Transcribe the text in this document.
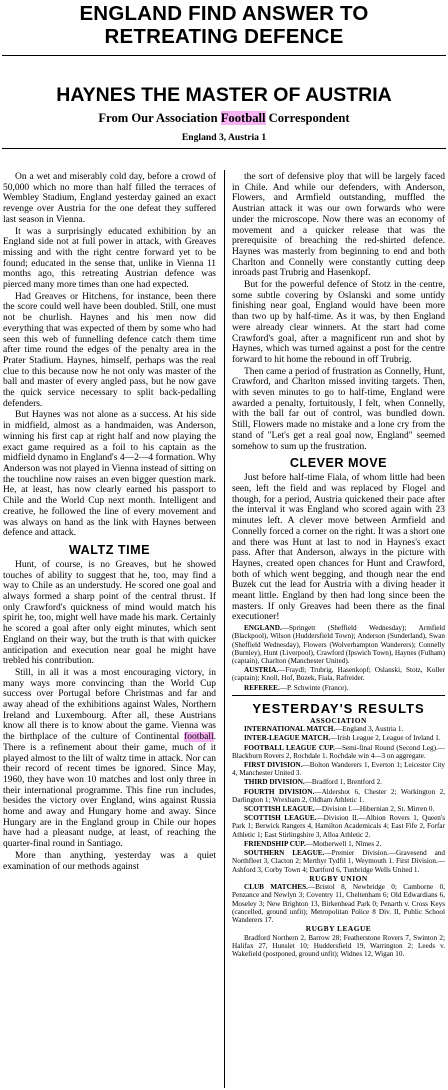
ENGLAND FIND ANSWER TO
RETREATING DEFENCE
HAYNES THE MASTER OF AUSTRIA
From Our Association Football Correspondent
England 3, Austria 1

On a wet and miserably cold day, before a crowd of 50,000 which no more than half filled the terraces of Wembley Stadium, England yesterday gained an exact revenge over Austria for the one defeat they suffered last season in Vienna.

It was a surprisingly educated exhibition by an England side not at full power in attack, with Greaves missing and with the right centre forward yet to be found; educated in the sense that, unlike in Vienna 11 months ago, this retreating Austrian defence was pierced many more times than one had expected.

Had Greaves or Hitchens, for instance, been there the score could well have been doubled. Still, one must not be churlish. Haynes and his men now did everything that was expected of them by some who had seen this web of funnelling defence catch them time after time round the edges of the penalty area in the Prater Stadium. Haynes, himself, perhaps was the real clue to this because now he not only was master of the ball and master of every angled pass, but he now gave the quick service necessary to split back-pedalling defenders.

But Haynes was not alone as a success. At his side in midfield, almost as a handmaiden, was Anderson, winning his first cap at right half and now playing the exact game required as a foil to his captain as the midfield dynamo in England's 4—2—4 formation. Why Anderson was not played in Vienna instead of sitting on the touchline now raises an even bigger question mark. He, at least, has now clearly earned his passport to Chile and the World Cup next month. Intelligent and creative, he followed the line of every movement and was always on hand as the link with Haynes between defence and attack.

WALTZ TIME

Hunt, of course, is no Greaves, but he showed touches of ability to suggest that he, too, may find a way to Chile as an understudy. He scored one goal and always formed a sharp point of the central thrust. If only Crawford's quickness of mind would match his spirit he, too, might well have made his mark. Certainly he scored a goal after only eight minutes, which sent England on their way, but the truth is that with quicker anticipation and execution near goal he might have trebled his contribution.

Still, in all it was a most encouraging victory, in many ways more convincing than the World Cup success over Portugal before Christmas and far and away ahead of the exhibitions against Wales, Northern Ireland and Luxembourg. After all, these Austrians know all there is to know about the game. Vienna was the birthplace of the culture of Continental football. There is a refinement about their game, much of it played almost to the lilt of waltz time in attack. Nor can their record of recent times be ignored. Since May, 1960, they have won 10 matches and lost only three in their international programme. This fine run includes, besides the victory over England, wins against Russia home and away and Hungary home and away. Since Hungary are in the England group in Chile our hopes have had a pleasant nudge, at least, of reaching the quarter-final round in Santiago.

More than anything, yesterday was a quiet examination of our methods against

the sort of defensive ploy that will be largely faced in Chile. And while our defenders, with Anderson, Flowers, and Armfield outstanding, muffled the Austrian attack it was our own forwards who were under the microscope. Now there was an economy of movement and a quicker release that was the prerequisite of breaching the red-shirted defence. Haynes was masterly from beginning to end and both Charlton and Connelly were constantly cutting deep inroads past Trubrig and Hasenkopf.

But for the powerful defence of Stotz in the centre, some subtle covering by Oslanski and some untidy finishing near goal, England would have been more than two up by half-time. As it was, by then England were already clear winners. At the start had come Crawford's goal, after a magnificent run and shot by Haynes, which was turned against a post for the centre forward to hit home the rebound in off Trubrig.

Then came a period of frustration as Connelly, Hunt, Crawford, and Charlton missed inviting targets. Then, with seven minutes to go to half-time, England were awarded a penalty, fortuitously, I felt, when Connelly, with the ball far out of control, was bundled down. Still, Flowers made no mistake and a lone cry from the stand of "Let's get a real goal now, England" seemed somehow to sum up the frustration.

CLEVER MOVE

Just before half-time Fiala, of whom little had been seen, left the field and was replaced by Flogel and though, for a period, Austria quickened their pace after the interval it was England who scored again with 23 minutes left. A clever move between Armfield and Connelly forced a corner on the right. It was a short one and there was Hunt at last to nod in Haynes's exact pass. After that Anderson, always in the picture with Haynes, created open chances for Hunt and Crawford, both of which went begging, and though near the end Buzek cut the lead for Austria with a diving header it meant little. England by then had long since been the masters. If only Greaves had been there as the final executioner!

ENGLAND.—Springett (Sheffield Wednesday); Armfield (Blackpool), Wilson (Huddersfield Town); Anderson (Sunderland), Swan (Sheffield Wednesday), Flowers (Wolverhampton Wanderers); Connelly (Burnley), Hunt (Liverpool), Crawford (Ipswich Town), Haynes (Fulham) (captain), Charlton (Manchester United).

AUSTRIA.—Fraydl; Trubrig, Hasenkopf; Oslanski, Stotz, Koller (captain); Knoll, Hof, Buzek, Fiala, Rafreider.

REFEREE.—P. Schwinte (France).

YESTERDAY'S RESULTS
ASSOCIATION

INTERNATIONAL MATCH.—England 3, Austria 1.

INTER-LEAGUE MATCH.—Irish League 2, League of Ireland 1.

FOOTBALL LEAGUE CUP.—Semi-final Round (Second Leg).—Blackburn Rovers 2, Rochdale 1. Rochdale win 4—3 on aggregate.

FIRST DIVISION.—Bolton Wanderers 1, Everton 1; Leicester City 4, Manchester United 3.

THIRD DIVISION.—Bradford 1, Brentford 2.

FOURTH DIVISION.—Aldershot 6, Chester 2; Workington 2, Darlington 1; Wrexham 2, Oldham Athletic 1.

SCOTTISH LEAGUE.—Division I.—Hibernian 2, St. Mirren 0.

SCOTTISH LEAGUE.—Division II.—Albion Rovers 1, Queen's Park 1; Berwick Rangers 4, Hamilton Academicals 4; East Fife 2, Forfar Athletic 1; East Stirlingshire 3, Alloa Athletic 2.

FRIENDSHIP CUP.—Motherwell 1, Nîmes 2.

SOUTHERN LEAGUE.—Premier Division.—Gravesend and Northfleet 3, Clacton 2; Merthyr Tydfil 1, Weymouth 1. First Division.—Ashford 3, Corby Town 4; Dartford 6, Tunbridge Wells United 1.

RUGBY UNION

CLUB MATCHES.—Bristol 8, Newbridge 0; Camborne 0, Penzance and Newlyn 3; Coventry 11, Cheltenham 6; Old Edwardians 6, Moseley 3; New Brighton 13, Birkenhead Park 0; Penarth v. Cross Keys (cancelled, ground unfit); Metropolitan Police 8 Div. II, Public School Wanderers 17.

RUGBY LEAGUE

Bradford Northern 2, Barrow 28; Featherstone Rovers 7, Swinton 2; Halifax 27, Hunslet 10; Huddersfield 19, Warrington 2; Leeds v. Wakefield (postponed, ground unfit); Widnes 12, Wigan 10.
